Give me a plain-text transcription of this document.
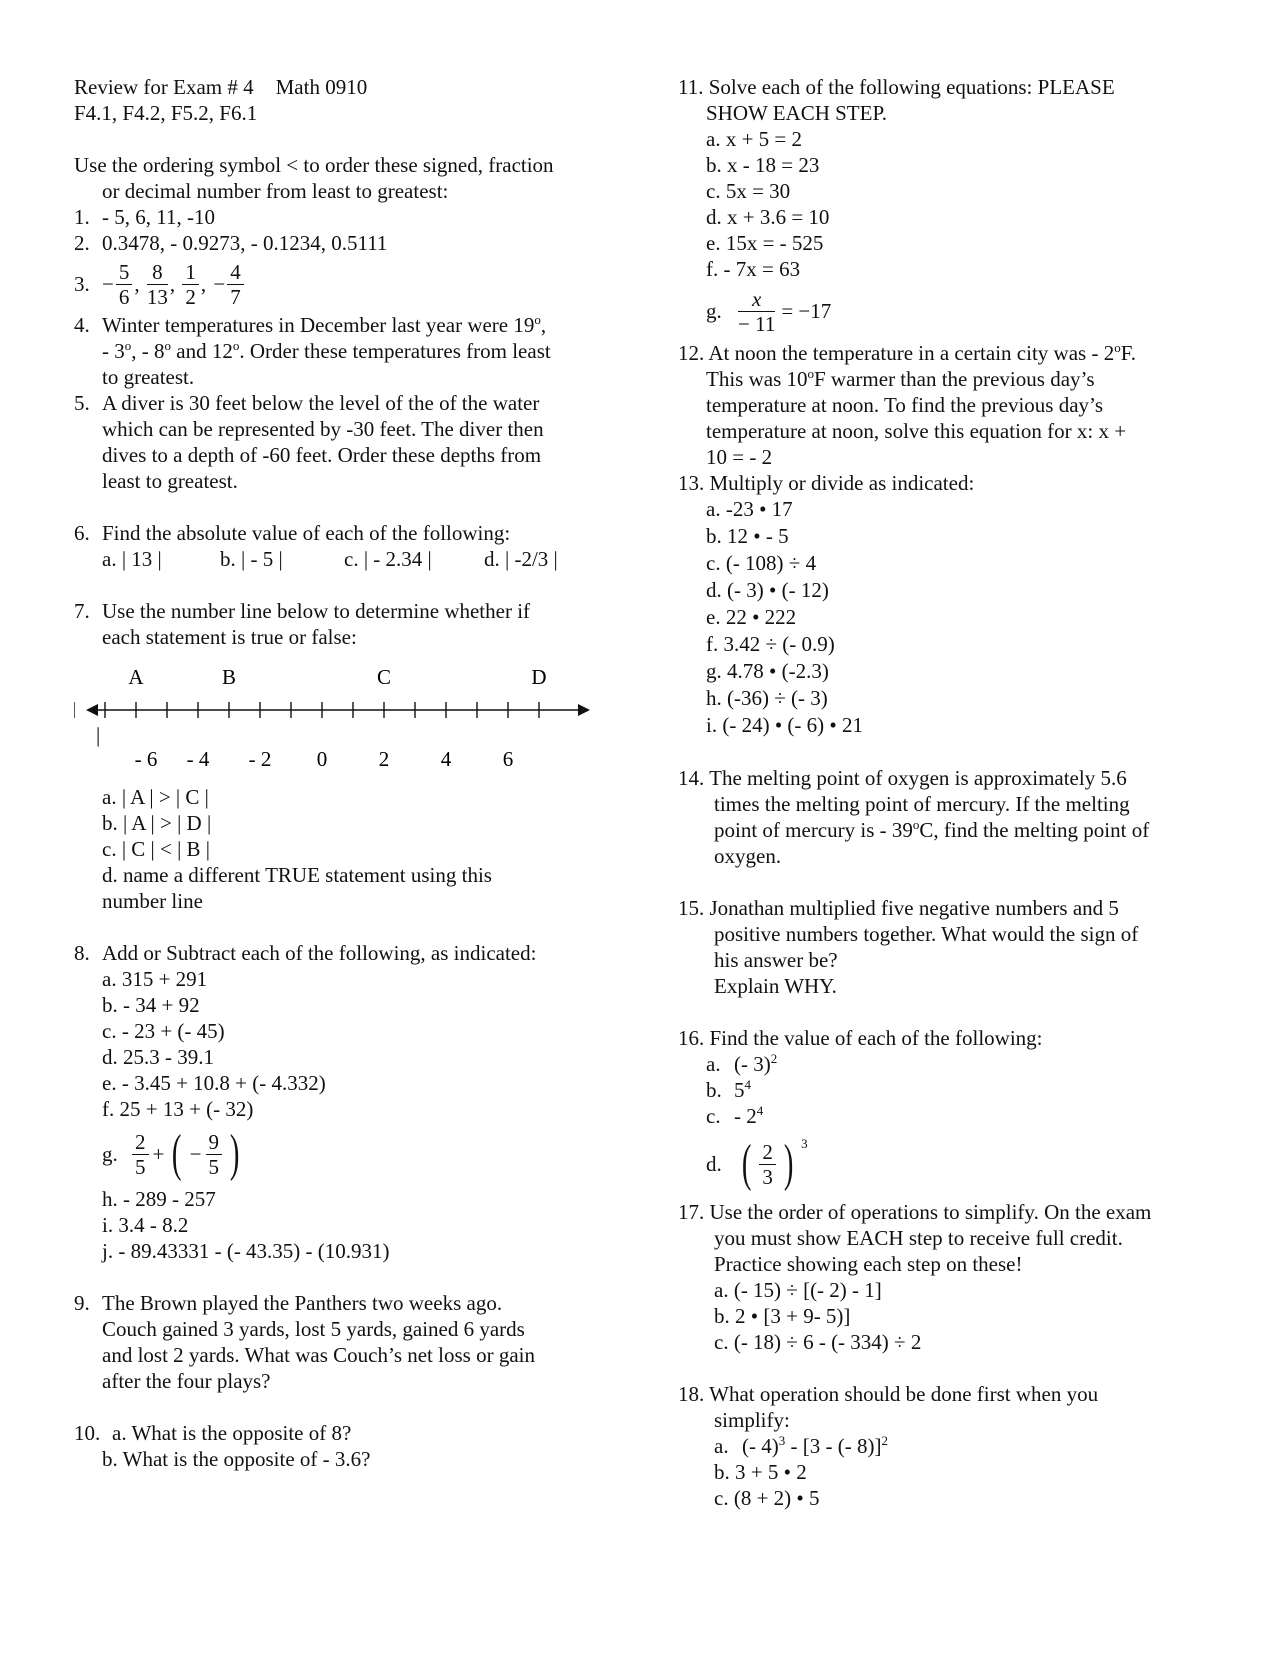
Review for Exam # 4 Math 0910
F4.1, F4.2, F5.2, F6.1
Use the ordering symbol < to order these signed, fraction
or decimal number from least to greatest:
1. - 5, 6, 11, -10
2. 0.3478, - 0.9273, - 0.1234, 0.5111
3. − $\frac{5}{6}$ , $\frac{8}{13}$ , $\frac{1}{2}$ , − $\frac{4}{7}$
4. Winter temperatures in December last year were 19$^o$,
- 3$^o$, - 8$^o$ and 12$^o$. Order these temperatures from least
to greatest.
5. A diver is 30 feet below the level of the of the water
which can be represented by -30 feet. The diver then
dives to a depth of -60 feet. Order these depths from
least to greatest.
6. Find the absolute value of each of the following:
a. | 13 |	b. | - 5 |	c. | - 2.34 | d. | -2/3 |
7. Use the number line below to determine whether if
each statement is true or false:
A	B	C	D
- 6 - 4 - 2 0 2 4 6
|
a. | A | > | C |
b. | A | > | D |
c. | C | < | B |
d. name a different TRUE statement using this
number line
8. Add or Subtract each of the following, as indicated:
a. 315 + 291
b. - 34 + 92
c. - 23 + (- 45)
d. 25.3 - 39.1
e. - 3.45 + 10.8 + (- 4.332)
f. 25 + 13 + (- 32)
g. $\frac{2}{5}$ + ( − $\frac{9}{5}$ )
h. - 289 - 257
i. 3.4 - 8.2
j. - 89.43331 - (- 43.35) - (10.931)
9. The Brown played the Panthers two weeks ago.
Couch gained 3 yards, lost 5 yards, gained 6 yards
and lost 2 yards. What was Couch’s net loss or gain
after the four plays?
10. a. What is the opposite of 8?
b. What is the opposite of - 3.6?
11. Solve each of the following equations: PLEASE
SHOW EACH STEP.
a. x + 5 = 2
b. x - 18 = 23
c. 5x = 30
d. x + 3.6 = 10
e. 15x = - 525
f. - 7x = 63
g. $\frac{x}{- 11} = -17$
12. At noon the temperature in a certain city was - 2$^o$F.
This was 10$^o$F warmer than the previous day’s
temperature at noon. To find the previous day’s
temperature at noon, solve this equation for x: x +
10 = - 2
13. Multiply or divide as indicated:
a. -23 • 17
b. 12 • - 5
c. (- 108) ÷ 4
d. (- 3) • (- 12)
e. 22 • 222
f. 3.42 ÷ (- 0.9)
g. 4.78 • (-2.3)
h. (-36) ÷ (- 3)
i. (- 24) • (- 6) • 21
14. The melting point of oxygen is approximately 5.6
times the melting point of mercury. If the melting
point of mercury is - 39$^o$C, find the melting point of
oxygen.
15. Jonathan multiplied five negative numbers and 5
positive numbers together. What would the sign of
his answer be?
Explain WHY.
16. Find the value of each of the following:
a. (- 3)$^2$
b. $5^4$
c. - $2^4$
d. ( $\frac{2}{3}$ ) 3
17. Use the order of operations to simplify. On the exam
you must show EACH step to receive full credit.
Practice showing each step on these!
a. (- 15) ÷ [(- 2) - 1]
b. 2 • [3 + 9- 5)]
c. (- 18) ÷ 6 - (- 334) ÷ 2
18. What operation should be done first when you
simplify:
a. (- 4)$^3$ - [3 - (- 8)]$^2$
b. 3 + 5 • 2
c. (8 + 2) • 5
